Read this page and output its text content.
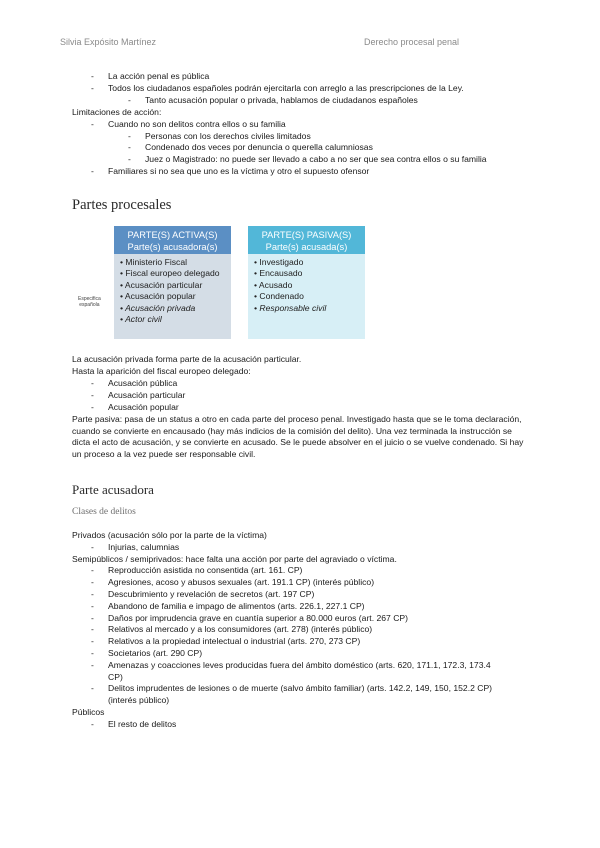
Silvia Expósito Martínez	Derecho procesal penal
- La acción penal es pública
- Todos los ciudadanos españoles podrán ejercitarla con arreglo a las prescripciones de la Ley.
- Tanto acusación popular o privada, hablamos de ciudadanos españoles
Limitaciones de acción:
- Cuando no son delitos contra ellos o su familia
- Personas con los derechos civiles limitados
- Condenado dos veces por denuncia o querella calumniosas
- Juez o Magistrado: no puede ser llevado a cabo a no ser que sea contra ellos o su familia
- Familiares si no sea que uno es la víctima y otro el supuesto ofensor
Partes procesales
PARTE(S) ACTIVA(S)
Parte(s) acusadora(s)
• Ministerio Fiscal
• Fiscal europeo delegado
• Acusación particular
• Acusación popular
• Acusación privada
• Actor civil
Especifica
española
PARTE(S) PASIVA(S)
Parte(s) acusada(s)
• Investigado
• Encausado
• Acusado
• Condenado
• Responsable civil
La acusación privada forma parte de la acusación particular.
Hasta la aparición del fiscal europeo delegado:
- Acusación pública
- Acusación particular
- Acusación popular
Parte pasiva: pasa de un status a otro en cada parte del proceso penal. Investigado hasta que se le toma declaración, cuando se convierte en encausado (hay más indicios de la comisión del delito). Una vez terminada la instrucción se dicta el acto de acusación, y se convierte en acusado. Se le puede absolver en el juicio o se vuelve condenado. Si hay un proceso a la vez puede ser responsable civil.
Parte acusadora
Clases de delitos
Privados (acusación sólo por la parte de la víctima)
- Injurias, calumnias
Semipúblicos / semiprivados: hace falta una acción por parte del agraviado o víctima.
- Reproducción asistida no consentida (art. 161. CP)
- Agresiones, acoso y abusos sexuales (art. 191.1 CP) (interés público)
- Descubrimiento y revelación de secretos (art. 197 CP)
- Abandono de familia e impago de alimentos (arts. 226.1, 227.1 CP)
- Daños por imprudencia grave en cuantía superior a 80.000 euros (art. 267 CP)
- Relativos al mercado y a los consumidores (art. 278) (interés público)
- Relativos a la propiedad intelectual o industrial (arts. 270, 273 CP)
- Societarios (art. 290 CP)
- Amenazas y coacciones leves producidas fuera del ámbito doméstico (arts. 620, 171.1, 172.3, 173.4
CP)
- Delitos imprudentes de lesiones o de muerte (salvo ámbito familiar) (arts. 142.2, 149, 150, 152.2 CP)
(interés público)
Públicos
- El resto de delitos
